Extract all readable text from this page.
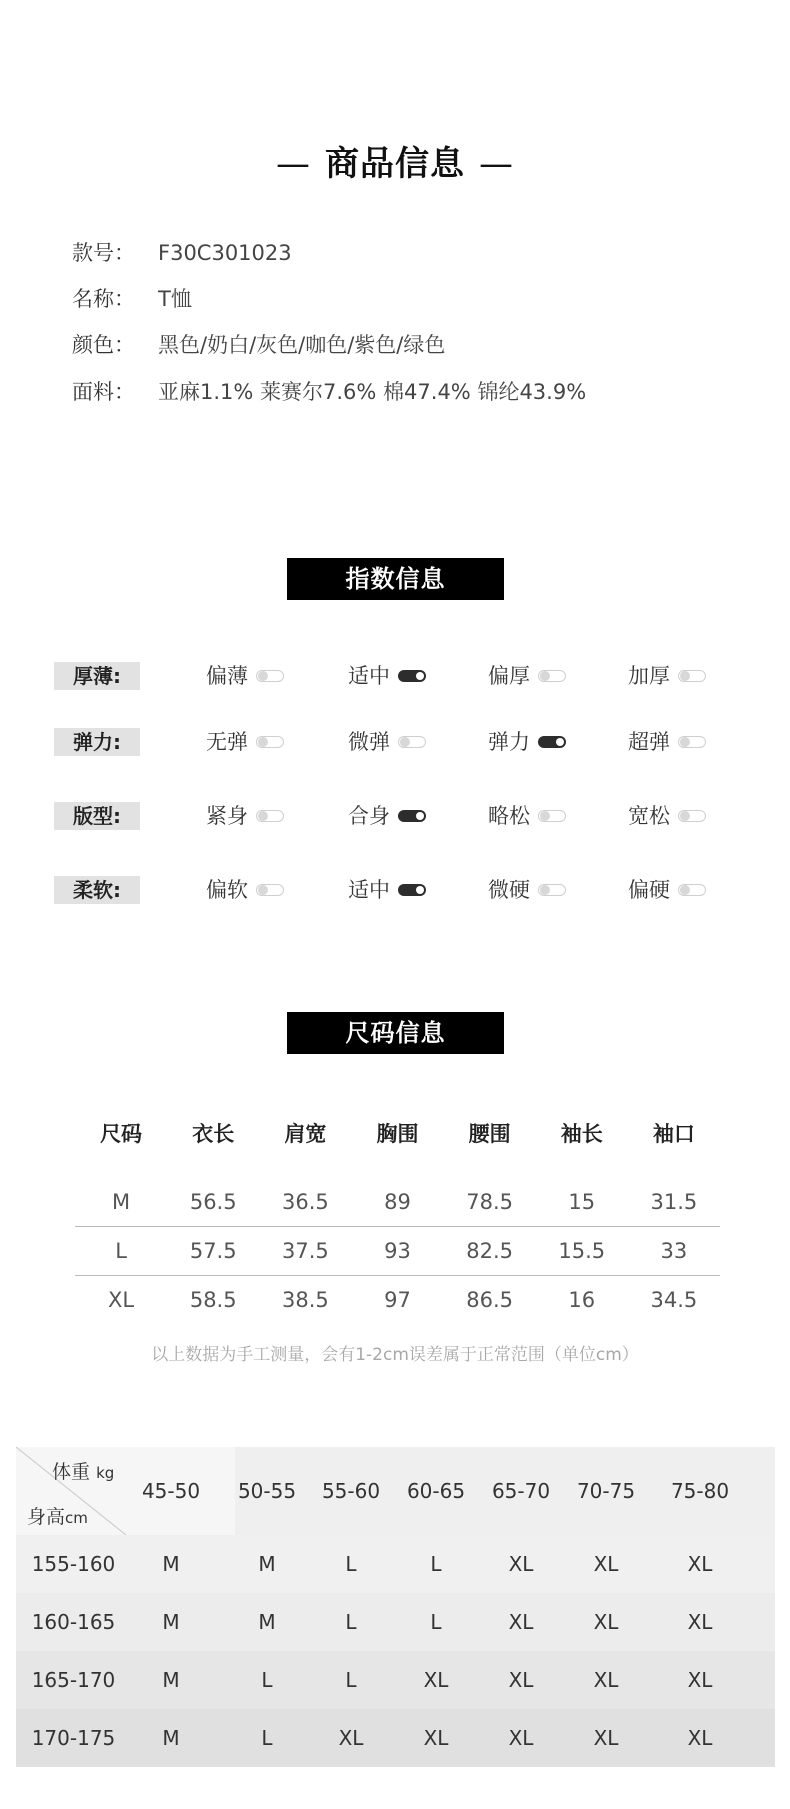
— 商品信息 —
款号： F30C301023
名称： T恤
颜色： 黑色/奶白/灰色/咖色/紫色/绿色
面料： 亚麻1.1% 莱赛尔7.6% 棉47.4% 锦纶43.9%
指数信息
厚薄:	偏薄	适中	偏厚	加厚
弹力:	无弹	微弹	弹力	超弹
版型:	紧身	合身	略松	宽松
柔软:	偏软	适中	微硬	偏硬
尺码信息
尺码	衣长	肩宽	胸围	腰围	袖长	袖口
M	56.5	36.5	89	78.5	15	31.5
L	57.5	37.5	93	82.5	15.5	33
XL	58.5	38.5	97	86.5	16	34.5
以上数据为手工测量，会有1-2cm误差属于正常范围（单位cm）
体重 kg
身高cm
45-50	50-55	55-60	60-65	65-70	70-75	75-80
155-160	M	M	L	L	XL	XL	XL
160-165	M	M	L	L	XL	XL	XL
165-170	M	L	L	XL	XL	XL	XL
170-175	M	L	XL	XL	XL	XL	XL
